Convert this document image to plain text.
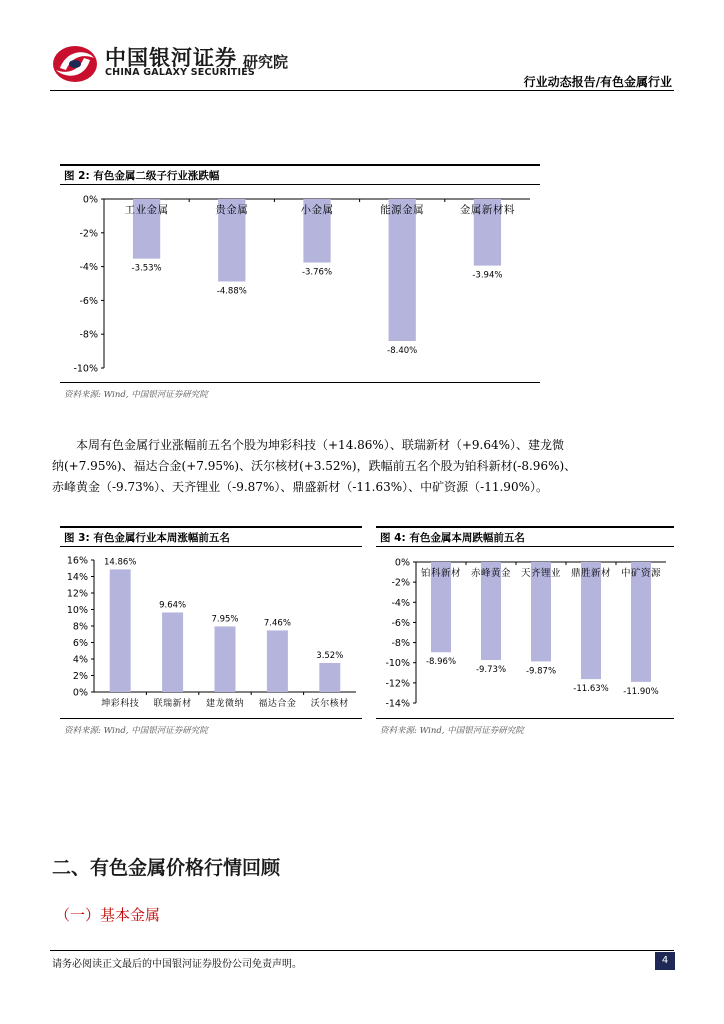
中国银河证券
CHINA GALAXY SECURITIES
研究院
行业动态报告/有色金属行业
图 2: 有色金属二级子行业涨跌幅
0%
-2%
-4%
-6%
-8%
-10%
工业金属
-3.53%
贵金属
-4.88%
小金属
-3.76%
能源金属
-8.40%
金属新材料
-3.94%
资料来源: Wind, 中国银河证券研究院
本周有色金属行业涨幅前五名个股为坤彩科技（+14.86%）、联瑞新材（+9.64%）、建龙微
纳(+7.95%)、福达合金(+7.95%)、沃尔核材(+3.52%)，跌幅前五名个股为铂科新材(-8.96%)、
赤峰黄金（-9.73%）、天齐锂业（-9.87%）、鼎盛新材（-11.63%）、中矿资源（-11.90%）。
图 3: 有色金属行业本周涨幅前五名
16%
14%
12%
10%
8%
6%
4%
2%
0%
坤彩科技
14.86%
联瑞新材
9.64%
建龙微纳
7.95%
福达合金
7.46%
沃尔核材
3.52%
资料来源: Wind, 中国银河证券研究院
图 4: 有色金属本周跌幅前五名
0%
-2%
-4%
-6%
-8%
-10%
-12%
-14%
铂科新材
-8.96%
赤峰黄金
-9.73%
天齐锂业
-9.87%
鼎胜新材
-11.63%
中矿资源
-11.90%
资料来源: Wind, 中国银河证券研究院
二、有色金属价格行情回顾
（一）基本金属
请务必阅读正文最后的中国银河证券股份公司免责声明。	4
